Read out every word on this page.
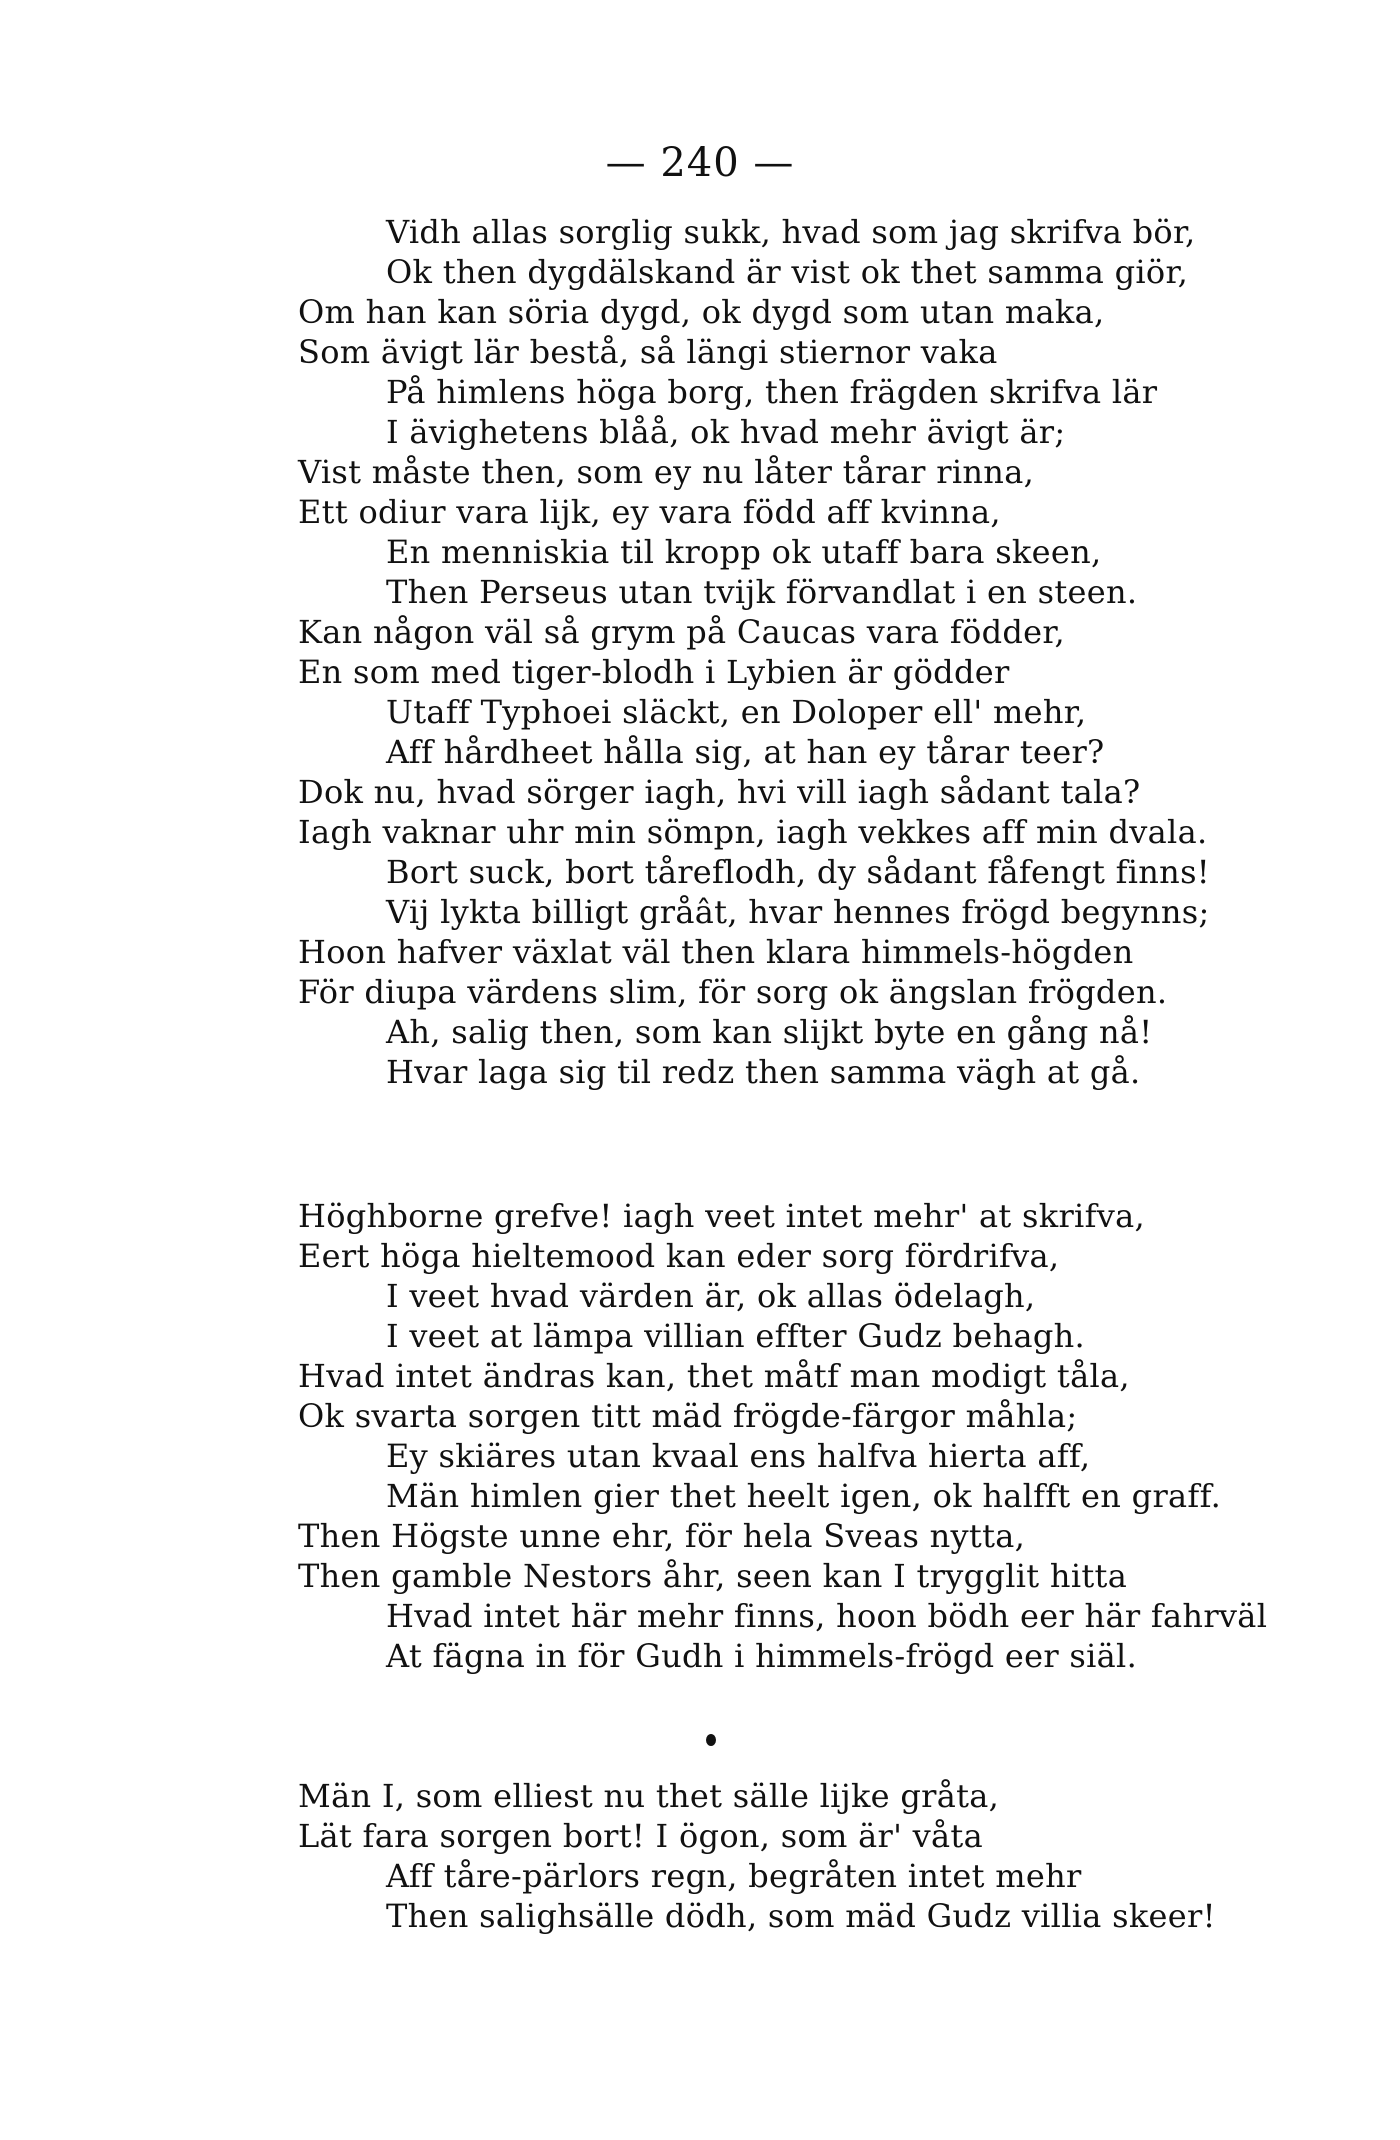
— 240 —
Vidh allas sorglig sukk, hvad som jag skrifva bör,
Ok then dygdälskand är vist ok thet samma giör,
Om han kan söria dygd, ok dygd som utan maka,
Som ävigt lär bestå, så längi stiernor vaka
På himlens höga borg, then frägden skrifva lär
I ävighetens blåå, ok hvad mehr ävigt är;
Vist måste then, som ey nu låter tårar rinna,
Ett odiur vara lijk, ey vara född aff kvinna,
En menniskia til kropp ok utaff bara skeen,
Then Perseus utan tvijk förvandlat i en steen.
Kan någon väl så grym på Caucas vara födder,
En som med tiger-blodh i Lybien är gödder
Utaff Typhoei släckt, en Doloper ell' mehr,
Aff hårdheet hålla sig, at han ey tårar teer?
Dok nu, hvad sörger iagh, hvi vill iagh sådant tala?
Iagh vaknar uhr min sömpn, iagh vekkes aff min dvala.
Bort suck, bort tåreflodh, dy sådant fåfengt finns!
Vij lykta billigt gråât, hvar hennes frögd begynns;
Hoon hafver växlat väl then klara himmels-högden
För diupa värdens slim, för sorg ok ängslan frögden.
Ah, salig then, som kan slijkt byte en gång nå!
Hvar laga sig til redz then samma vägh at gå.
Höghborne grefve! iagh veet intet mehr' at skrifva,
Eert höga hieltemood kan eder sorg fördrifva,
I veet hvad värden är, ok allas ödelagh,
I veet at lämpa villian effter Gudz behagh.
Hvad intet ändras kan, thet måtf man modigt tåla,
Ok svarta sorgen titt mäd frögde-färgor måhla;
Ey skiäres utan kvaal ens halfva hierta aff,
Män himlen gier thet heelt igen, ok halfft en graff.
Then Högste unne ehr, för hela Sveas nytta,
Then gamble Nestors åhr, seen kan I trygglit hitta
Hvad intet här mehr finns, hoon bödh eer här fahrväl
At fägna in för Gudh i himmels-frögd eer siäl.
Män I, som elliest nu thet sälle lijke gråta,
Lät fara sorgen bort! I ögon, som är' våta
Aff tåre-pärlors regn, begråten intet mehr
Then salighsälle dödh, som mäd Gudz villia skeer!
